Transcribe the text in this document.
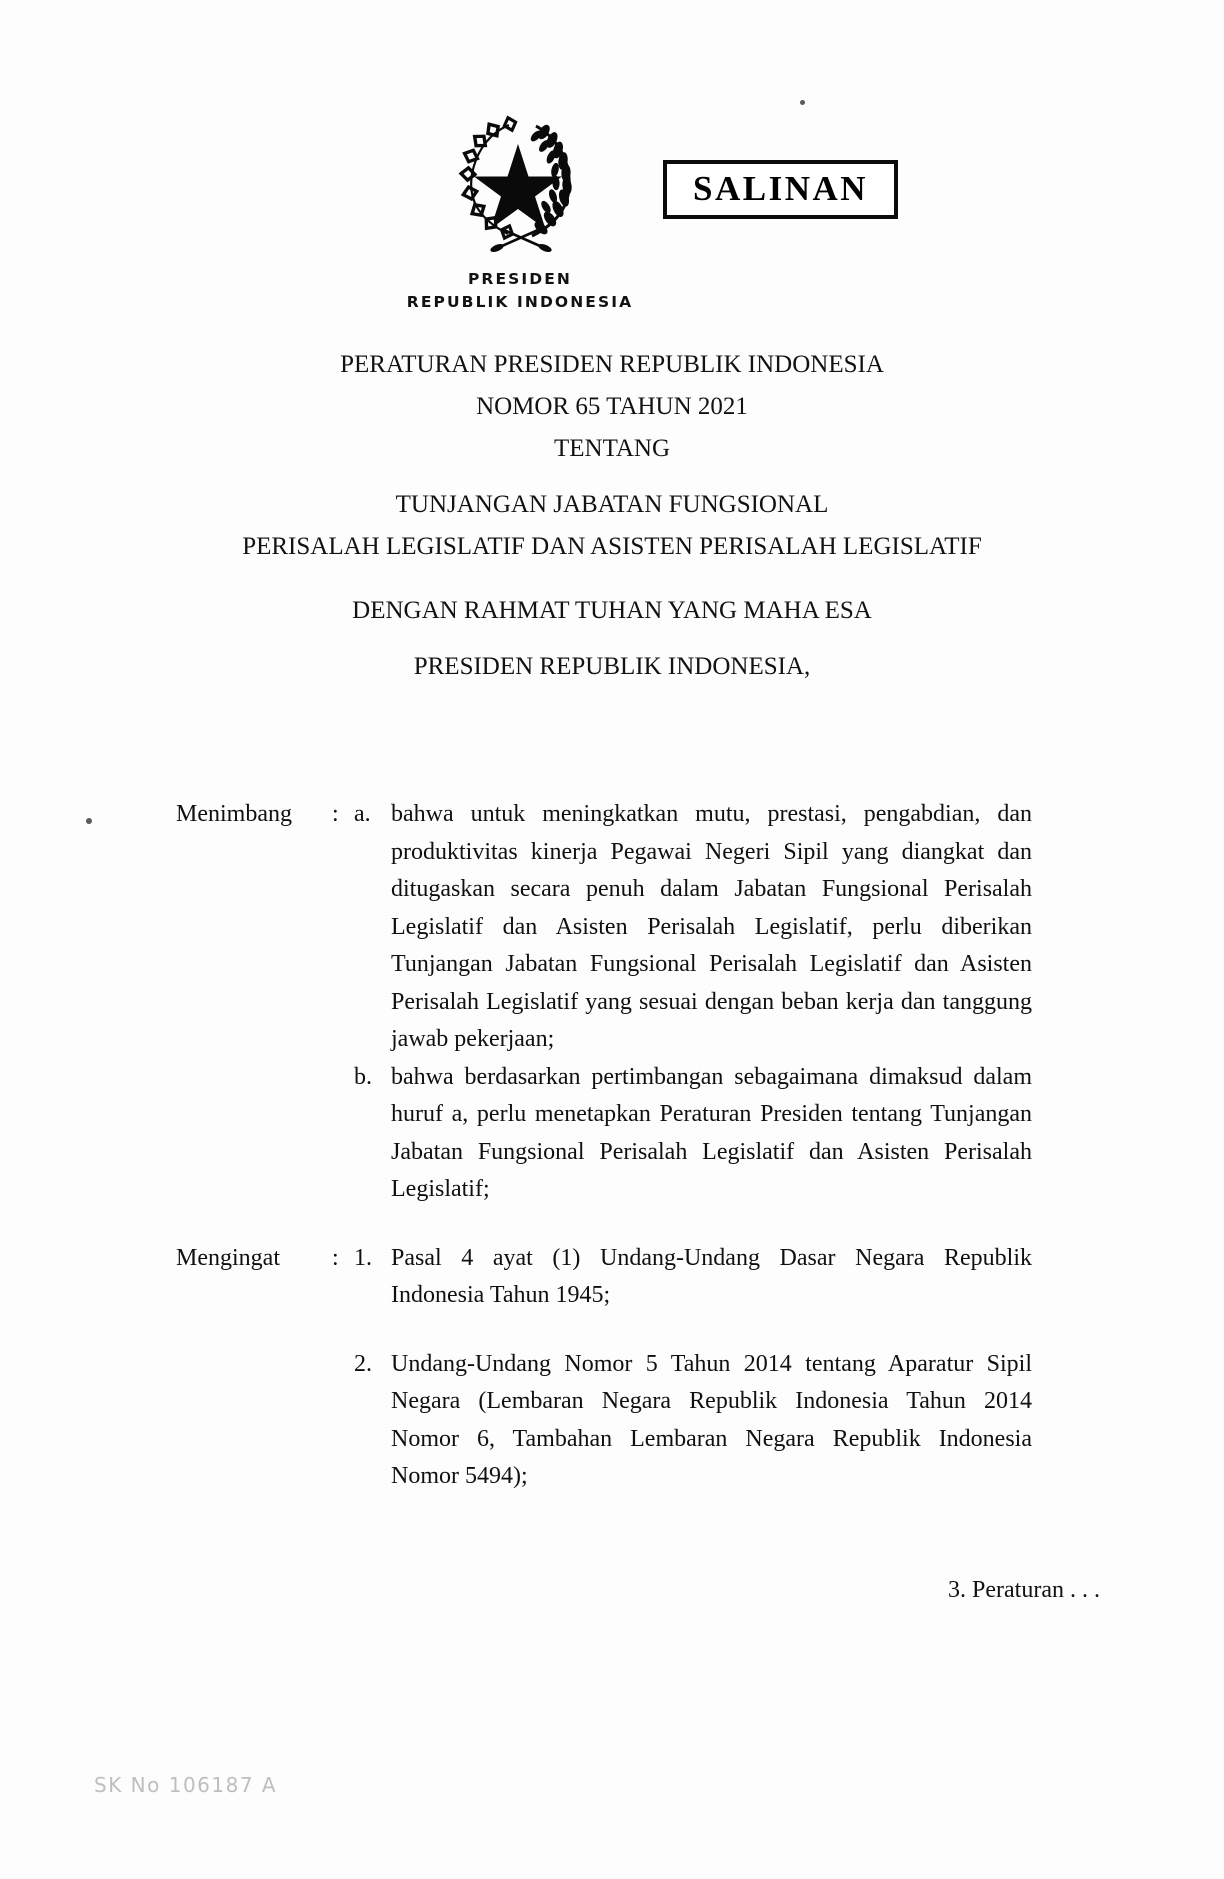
SALINAN
PRESIDEN
REPUBLIK INDONESIA
PERATURAN PRESIDEN REPUBLIK INDONESIA
NOMOR 65 TAHUN 2021
TENTANG
TUNJANGAN JABATAN FUNGSIONAL
PERISALAH LEGISLATIF DAN ASISTEN PERISALAH LEGISLATIF
DENGAN RAHMAT TUHAN YANG MAHA ESA
PRESIDEN REPUBLIK INDONESIA,
Menimbang	: a. bahwa untuk meningkatkan mutu, prestasi, pengabdian, dan produktivitas kinerja Pegawai Negeri Sipil yang diangkat dan ditugaskan secara penuh dalam Jabatan Fungsional Perisalah Legislatif dan Asisten Perisalah Legislatif, perlu diberikan Tunjangan Jabatan Fungsional Perisalah Legislatif dan Asisten Perisalah Legislatif yang sesuai dengan beban kerja dan tanggung jawab pekerjaan;
b. bahwa berdasarkan pertimbangan sebagaimana dimaksud dalam huruf a, perlu menetapkan Peraturan Presiden tentang Tunjangan Jabatan Fungsional Perisalah Legislatif dan Asisten Perisalah Legislatif;
Mengingat	: 1. Pasal 4 ayat (1) Undang-Undang Dasar Negara Republik Indonesia Tahun 1945;
2. Undang-Undang Nomor 5 Tahun 2014 tentang Aparatur Sipil Negara (Lembaran Negara Republik Indonesia Tahun 2014 Nomor 6, Tambahan Lembaran Negara Republik Indonesia Nomor 5494);
3. Peraturan . . .
SK No 106187 A
